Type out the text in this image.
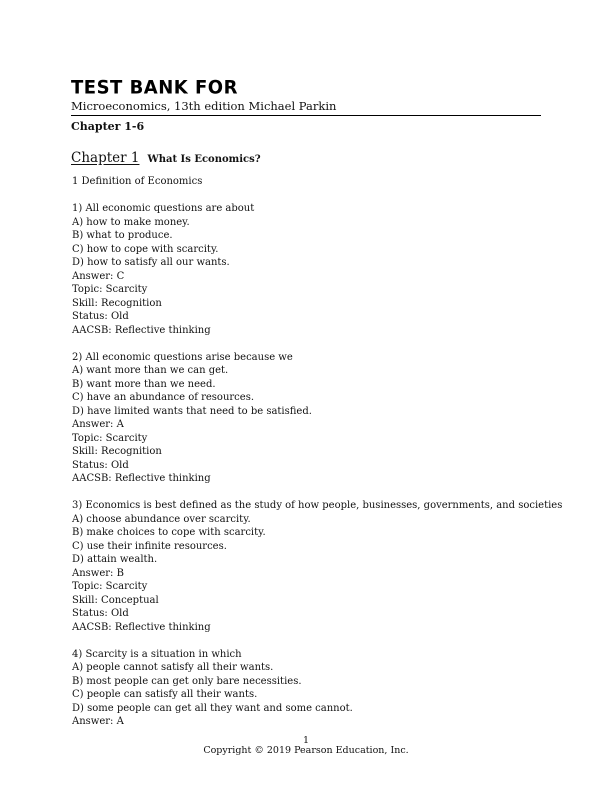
TEST BANK FOR
Microeconomics, 13th edition Michael Parkin
Chapter 1-6
Chapter 1 What Is Economics?
1 Definition of Economics
1) All economic questions are about
A) how to make money.
B) what to produce.
C) how to cope with scarcity.
D) how to satisfy all our wants.
Answer: C
Topic: Scarcity
Skill: Recognition
Status: Old
AACSB: Reflective thinking
2) All economic questions arise because we
A) want more than we can get.
B) want more than we need.
C) have an abundance of resources.
D) have limited wants that need to be satisfied.
Answer: A
Topic: Scarcity
Skill: Recognition
Status: Old
AACSB: Reflective thinking
3) Economics is best defined as the study of how people, businesses, governments, and societies
A) choose abundance over scarcity.
B) make choices to cope with scarcity.
C) use their infinite resources.
D) attain wealth.
Answer: B
Topic: Scarcity
Skill: Conceptual
Status: Old
AACSB: Reflective thinking
4) Scarcity is a situation in which
A) people cannot satisfy all their wants.
B) most people can get only bare necessities.
C) people can satisfy all their wants.
D) some people can get all they want and some cannot.
Answer: A
1
Copyright © 2019 Pearson Education, Inc.
